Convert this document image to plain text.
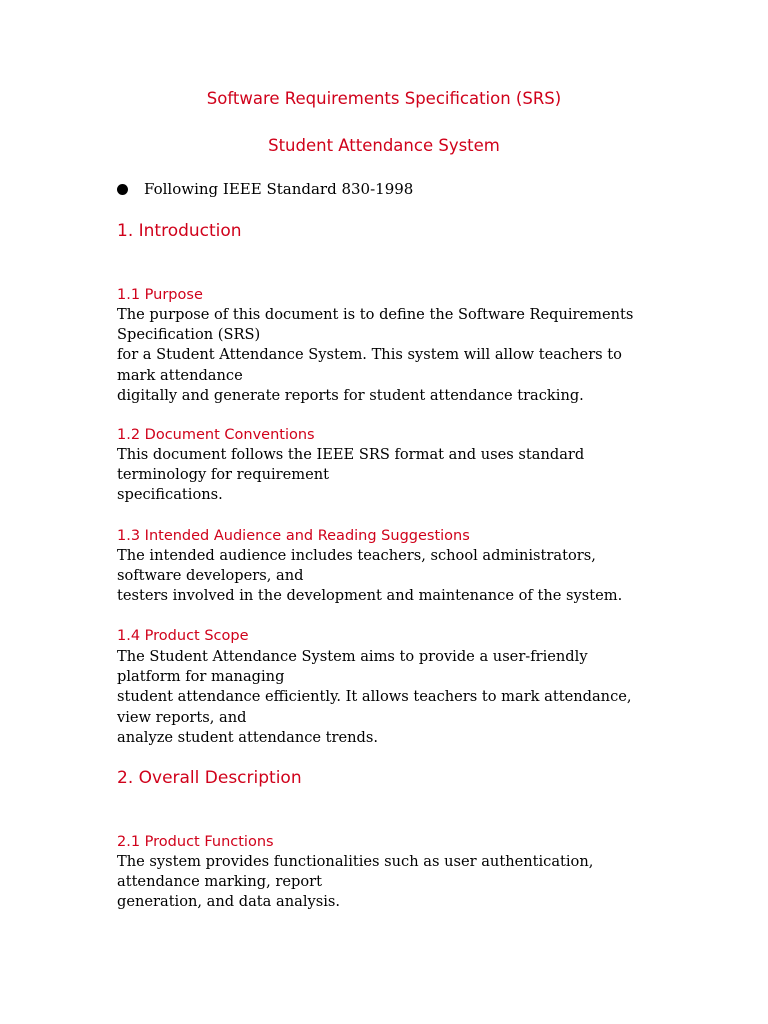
Software Requirements Specification (SRS)
Student Attendance System
Following IEEE Standard 830-1998
1. Introduction
1.1 Purpose
The purpose of this document is to define the Software Requirements
Specification (SRS)
for a Student Attendance System. This system will allow teachers to
mark attendance
digitally and generate reports for student attendance tracking.
1.2 Document Conventions
This document follows the IEEE SRS format and uses standard
terminology for requirement
specifications.
1.3 Intended Audience and Reading Suggestions
The intended audience includes teachers, school administrators,
software developers, and
testers involved in the development and maintenance of the system.
1.4 Product Scope
The Student Attendance System aims to provide a user-friendly
platform for managing
student attendance efficiently. It allows teachers to mark attendance,
view reports, and
analyze student attendance trends.
2. Overall Description
2.1 Product Functions
The system provides functionalities such as user authentication,
attendance marking, report
generation, and data analysis.
